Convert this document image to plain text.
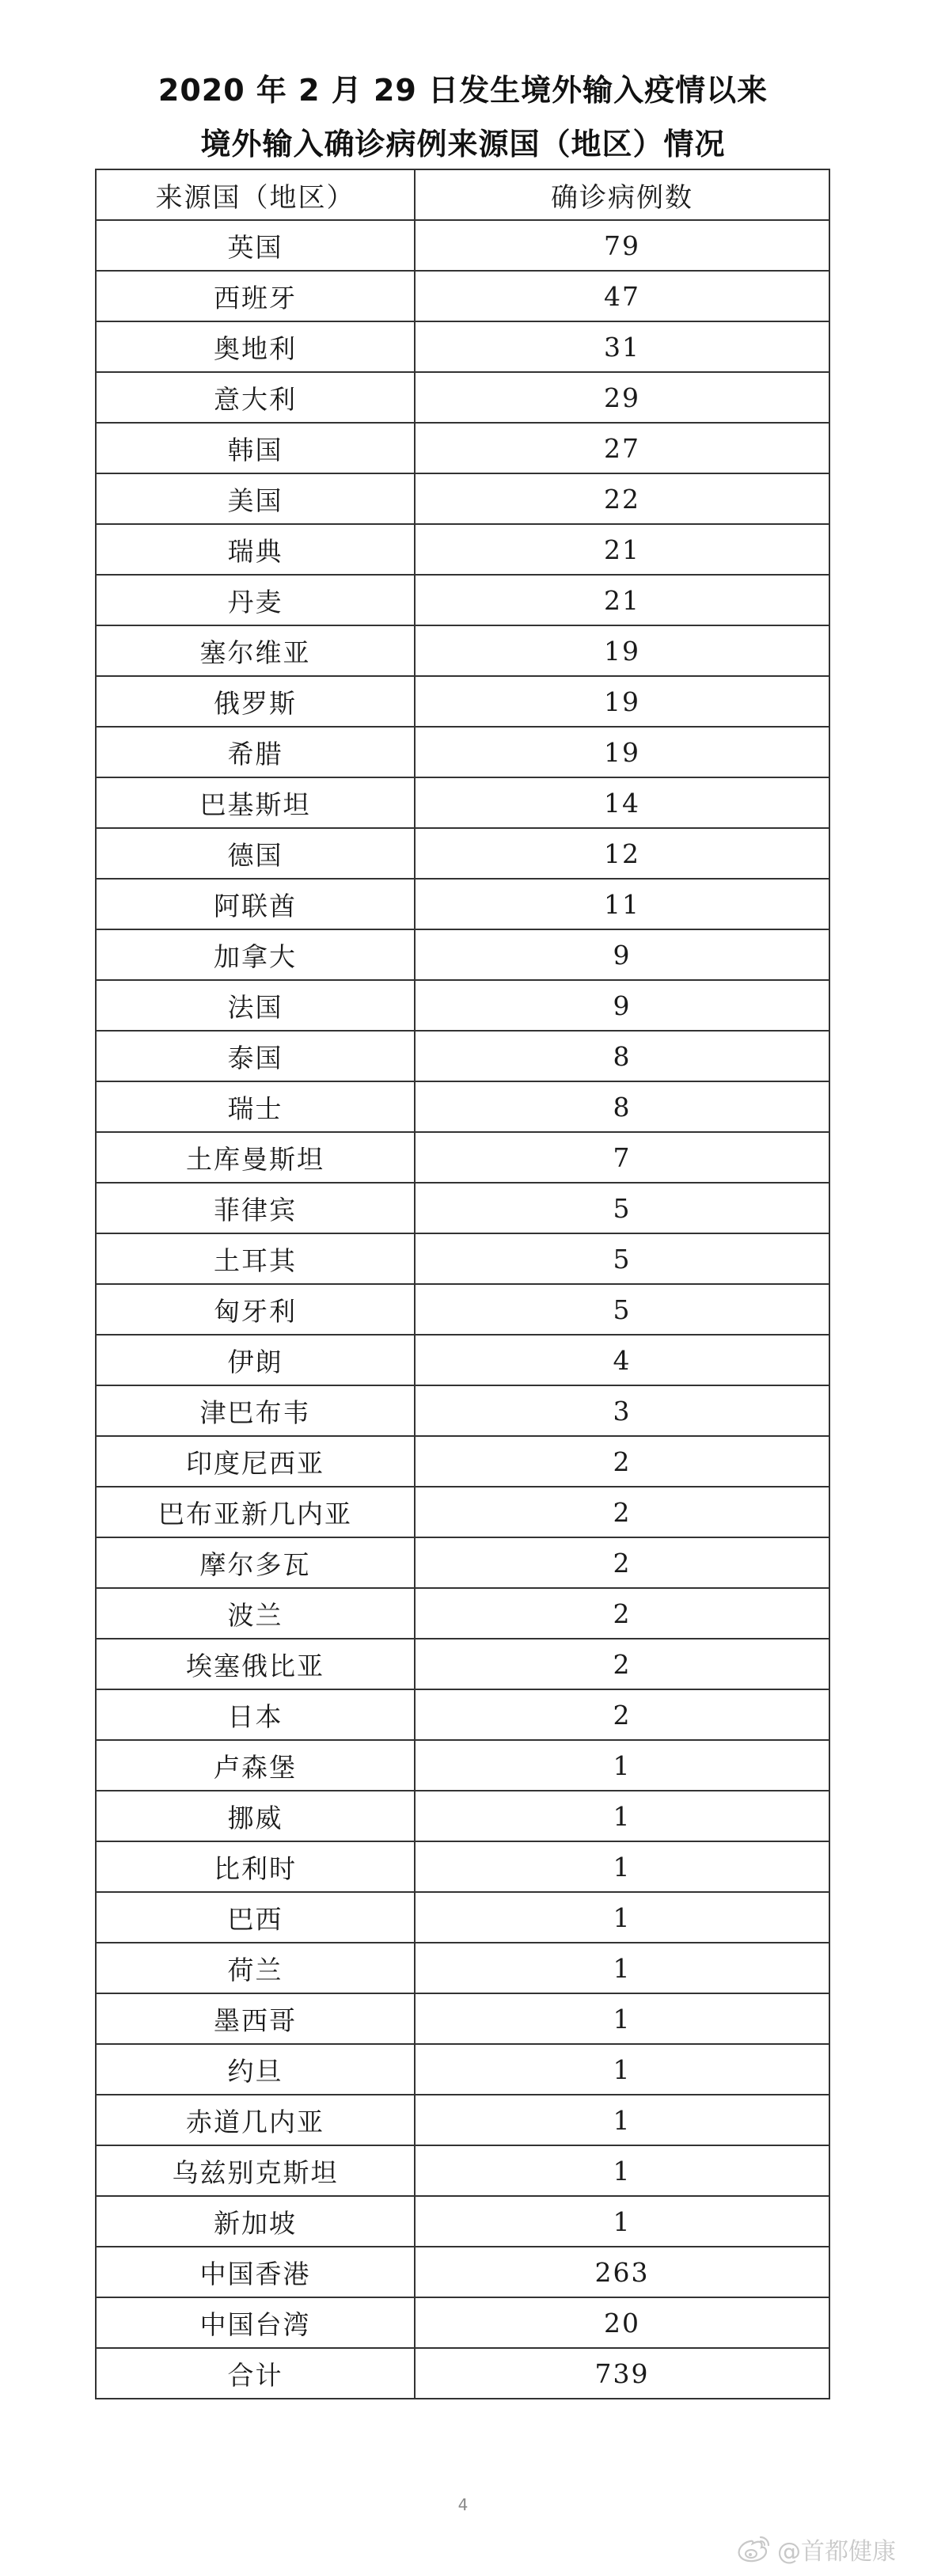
2020 年 2 月 29 日发生境外输入疫情以来
境外输入确诊病例来源国（地区）情况
来源国（地区）	确诊病例数
英国	79
西班牙	47
奥地利	31
意大利	29
韩国	27
美国	22
瑞典	21
丹麦	21
塞尔维亚	19
俄罗斯	19
希腊	19
巴基斯坦	14
德国	12
阿联酋	11
加拿大	9
法国	9
泰国	8
瑞士	8
土库曼斯坦	7
菲律宾	5
土耳其	5
匈牙利	5
伊朗	4
津巴布韦	3
印度尼西亚	2
巴布亚新几内亚	2
摩尔多瓦	2
波兰	2
埃塞俄比亚	2
日本	2
卢森堡	1
挪威	1
比利时	1
巴西	1
荷兰	1
墨西哥	1
约旦	1
赤道几内亚	1
乌兹别克斯坦	1
新加坡	1
中国香港	263
中国台湾	20
合计	739
4
@首都健康
